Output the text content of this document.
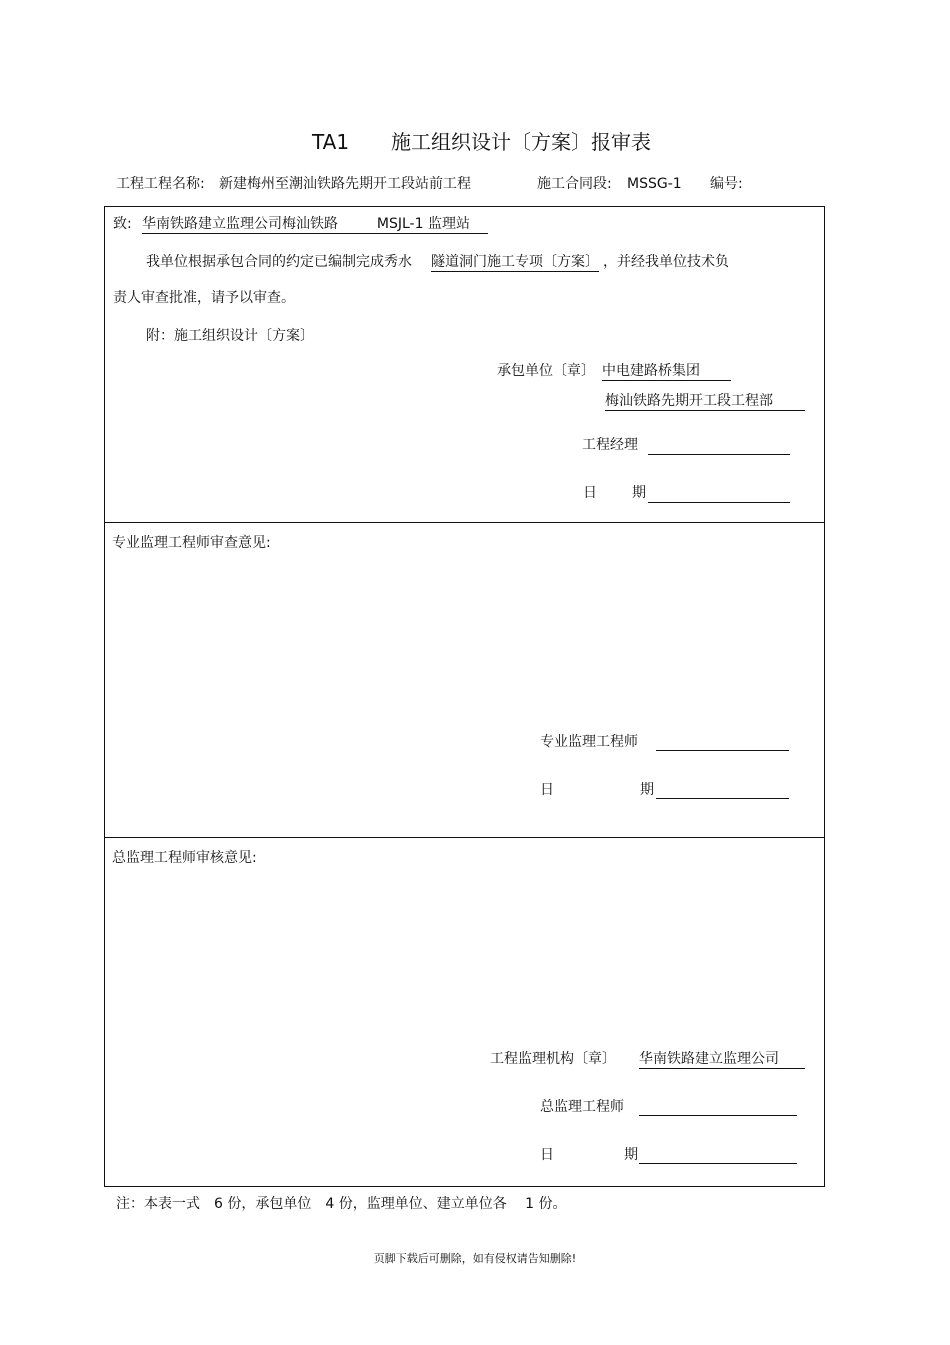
TA1 施工组织设计〔方案〕报审表
工程工程名称: 新建梅州至潮汕铁路先期开工段站前工程	施工合同段: MSSG-1 编号:
致: 华南铁路建立监理公司梅汕铁路	MSJL-1 监理站
我单位根据承包合同的约定已编制完成秀水 隧道洞门施工专项〔方案〕 ，并经我单位技术负
责人审查批准，请予以审查。
附：施工组织设计〔方案〕
承包单位〔章〕 中电建路桥集团
梅汕铁路先期开工段工程部
工程经理
日	期
专业监理工程师审查意见:
专业监理工程师
日	期
总监理工程师审核意见:
工程监理机构〔章〕 华南铁路建立监理公司
总监理工程师
日	期
注：本表一式　6 份，承包单位　4 份，监理单位、建立单位各　 1 份。
页脚下载后可删除，如有侵权请告知删除!
